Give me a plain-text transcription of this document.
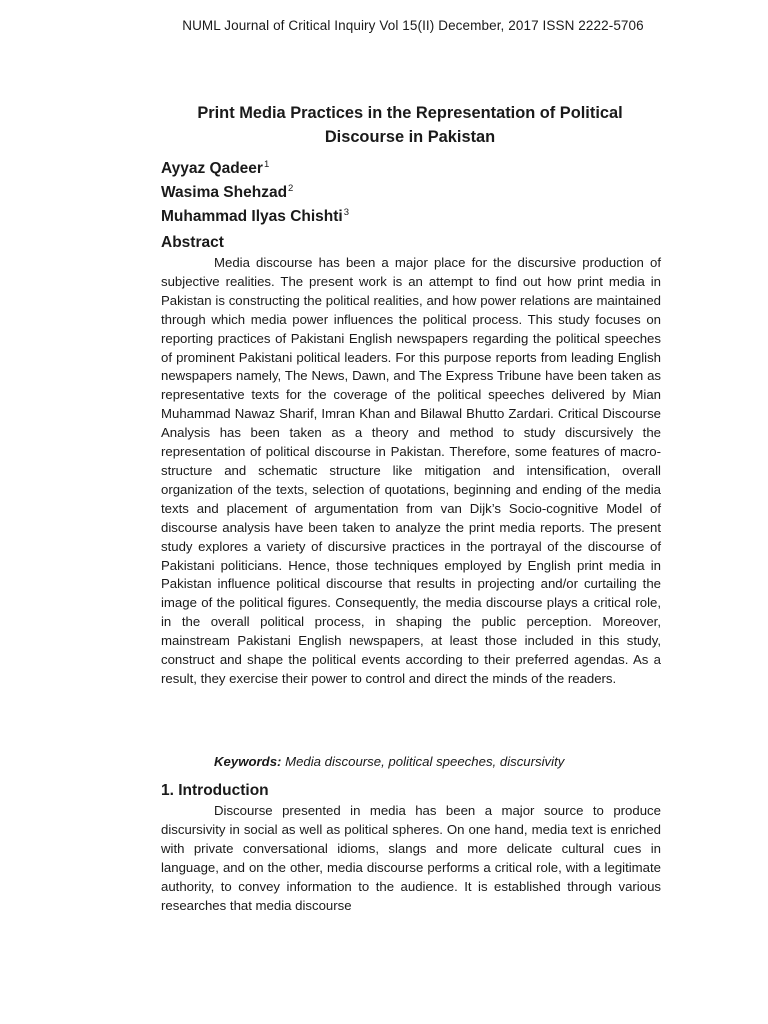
NUML Journal of Critical Inquiry Vol 15(II) December, 2017 ISSN 2222-5706
Print Media Practices in the Representation of Political
Discourse in Pakistan
Ayyaz Qadeer$^1$
Wasima Shehzad$^2$
Muhammad Ilyas Chishti$^3$
Abstract

Media discourse has been a major place for the discursive production of subjective realities. The present work is an attempt to find out how print media in Pakistan is constructing the political realities, and how power relations are maintained through which media power influences the political process. This study focuses on reporting practices of Pakistani English newspapers regarding the political speeches of prominent Pakistani political leaders. For this purpose reports from leading English newspapers namely, The News, Dawn, and The Express Tribune have been taken as representative texts for the coverage of the political speeches delivered by Mian Muhammad Nawaz Sharif, Imran Khan and Bilawal Bhutto Zardari. Critical Discourse Analysis has been taken as a theory and method to study discursively the representation of political discourse in Pakistan. Therefore, some features of macro-structure and schematic structure like mitigation and intensification, overall organization of the texts, selection of quotations, beginning and ending of the media texts and placement of argumentation from van Dijk’s Socio-cognitive Model of discourse analysis have been taken to analyze the print media reports. The present study explores a variety of discursive practices in the portrayal of the discourse of Pakistani politicians. Hence, those techniques employed by English print media in Pakistan influence political discourse that results in projecting and/or curtailing the image of the political figures. Consequently, the media discourse plays a critical role, in the overall political process, in shaping the public perception. Moreover, mainstream Pakistani English newspapers, at least those included in this study, construct and shape the political events according to their preferred agendas. As a result, they exercise their power to control and direct the minds of the readers.

Keywords: Media discourse, political speeches, discursivity
1. Introduction

Discourse presented in media has been a major source to produce discursivity in social as well as political spheres. On one hand, media text is enriched with private conversational idioms, slangs and more delicate cultural cues in language, and on the other, media discourse performs a critical role, with a legitimate authority, to convey information to the audience. It is established through various researches that media discourse
